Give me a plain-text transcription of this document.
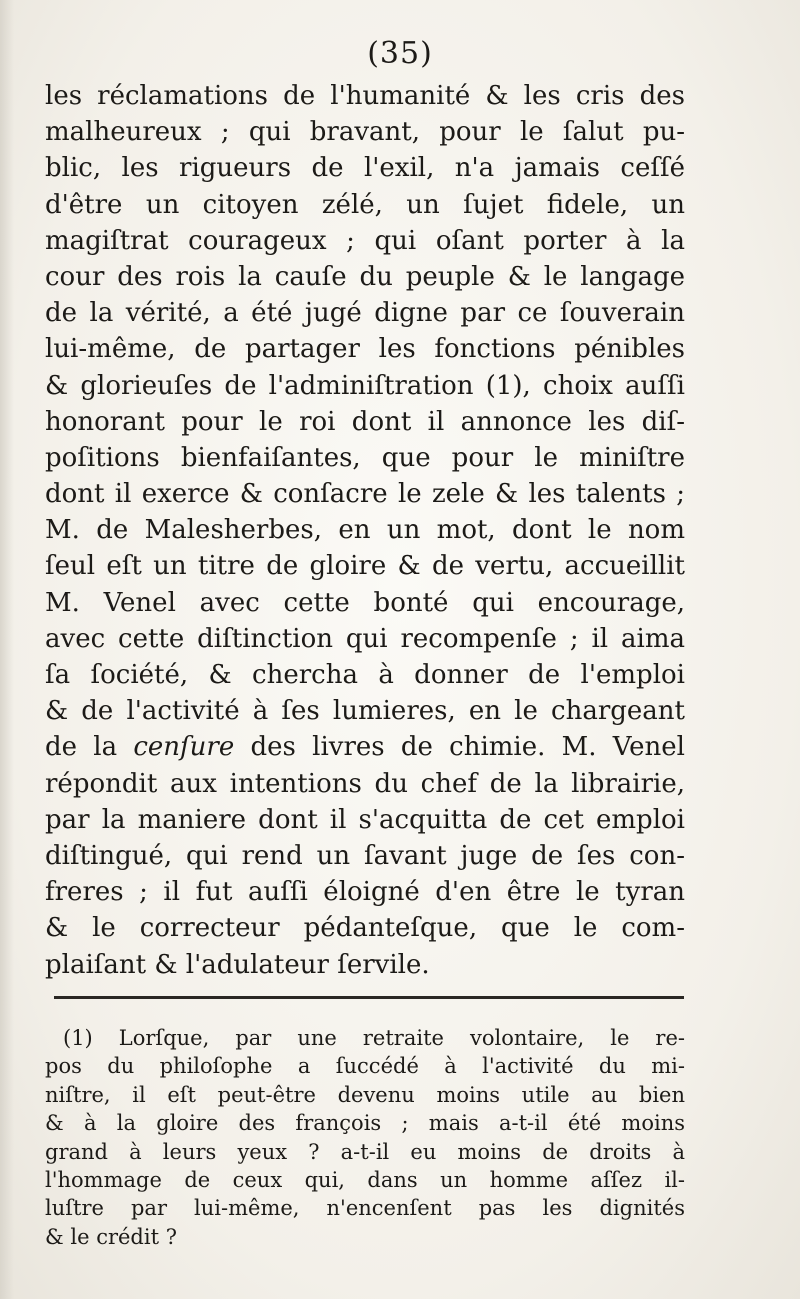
(35)
les réclamations de l'humanité & les cris des
malheureux ; qui bravant, pour le ſalut pu-
blic, les rigueurs de l'exil, n'a jamais ceſſé
d'être un citoyen zélé, un ſujet fidele, un
magiſtrat courageux ; qui oſant porter à la
cour des rois la cauſe du peuple & le langage
de la vérité, a été jugé digne par ce ſouverain
lui-même, de partager les fonctions pénibles
& glorieuſes de l'adminiſtration (1), choix auſſi
honorant pour le roi dont il annonce les diſ-
poſitions bienfaiſantes, que pour le miniſtre
dont il exerce & conſacre le zele & les talents ;
M. de Malesherbes, en un mot, dont le nom
ſeul eſt un titre de gloire & de vertu, accueillit
M. Venel avec cette bonté qui encourage,
avec cette diſtinction qui recompenſe ; il aima
ſa ſociété, & chercha à donner de l'emploi
& de l'activité à ſes lumieres, en le chargeant
de la cenſure des livres de chimie. M. Venel
répondit aux intentions du chef de la librairie,
par la maniere dont il s'acquitta de cet emploi
diſtingué, qui rend un ſavant juge de ſes con-
freres ; il fut auſſi éloigné d'en être le tyran
& le correcteur pédanteſque, que le com-
plaiſant & l'adulateur ſervile.
(1) Lorſque, par une retraite volontaire, le re-
pos du philoſophe a ſuccédé à l'activité du mi-
niſtre, il eſt peut-être devenu moins utile au bien
& à la gloire des françois ; mais a-t-il été moins
grand à leurs yeux ? a-t-il eu moins de droits à
l'hommage de ceux qui, dans un homme aſſez il-
luſtre par lui-même, n'encenſent pas les dignités
& le crédit ?
